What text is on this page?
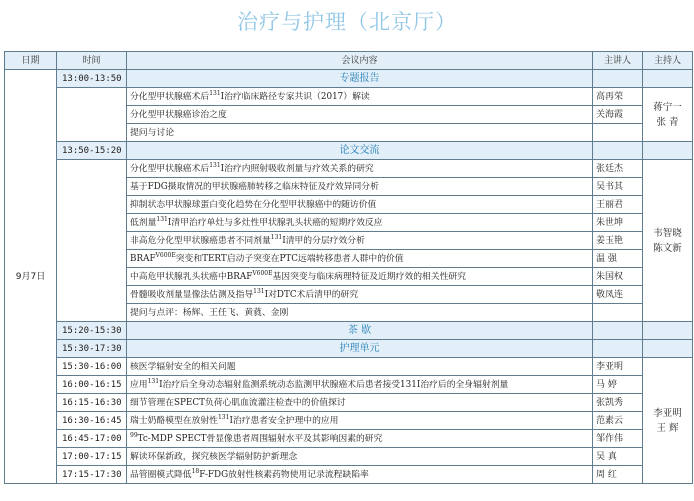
治疗与护理（北京厅）
日期	时间	会议内容	主讲人	主持人
9月7日	13:00-13:50	专题报告		
		分化型甲状腺癌术后$^{131}$I治疗临床路径专家共识（2017）解读	高再荣	蒋宁一
张 青
		分化型甲状腺癌诊治之度	关海霞	
		提问与讨论		
	13:50-15:20	论文交流		
		分化型甲状腺癌术后$^{131}$I治疗内照射吸收剂量与疗效关系的研究	张廷杰	韦智晓
陈文新
		基于FDG摄取情况的甲状腺癌肺转移之临床特征及疗效异同分析	吴书其	
		抑制状态甲状腺球蛋白变化趋势在分化型甲状腺癌中的随访价值	王丽君	
		低剂量$^{131}$I清甲治疗单灶与多灶性甲状腺乳头状癌的短期疗效反应	朱世坤	
		非高危分化型甲状腺癌患者不同剂量$^{131}$I清甲的分层疗效分析	姜玉艳	
		$BRAF^{V600E}$突变和TERT启动子突变在PTC远端转移患者人群中的价值	温 强	
		中高危甲状腺乳头状癌中$BRAF^{V600E}$基因突变与临床病理特征及近期疗效的相关性研究	朱国权	
		骨髓吸收剂量显像法估测及指导$^{131}$I对DTC术后清甲的研究	敬凤连	
		提问与点评：杨辉、王任飞、黄蕤、金刚		
	15:20-15:30	茶 歇		
	15:30-17:30	护理单元		
	15:30-16:00	核医学辐射安全的相关问题	李亚明	李亚明
王 辉
	16:00-16:15	应用$^{131}$I治疗后全身动态辐射监测系统动态监测甲状腺癌术后患者接受131I治疗后的全身辐射剂量	马 婷	
	16:15-16:30	细节管理在SPECT负荷心肌血流灌注检查中的价值探讨	张凯秀	
	16:30-16:45	瑞士奶酪模型在放射性$^{131}$I治疗患者安全护理中的应用	范素云	
	16:45-17:00	$^{99}$Tc-MDP SPECT骨显像患者周围辐射水平及其影响因素的研究	邹作伟	
	17:00-17:15	解读环保新政，探究核医学辐射防护新理念	吴 真	
	17:15-17:30	品管圈模式降低$^{18}$F-FDG放射性核素药物使用记录流程缺陷率	周 红	
